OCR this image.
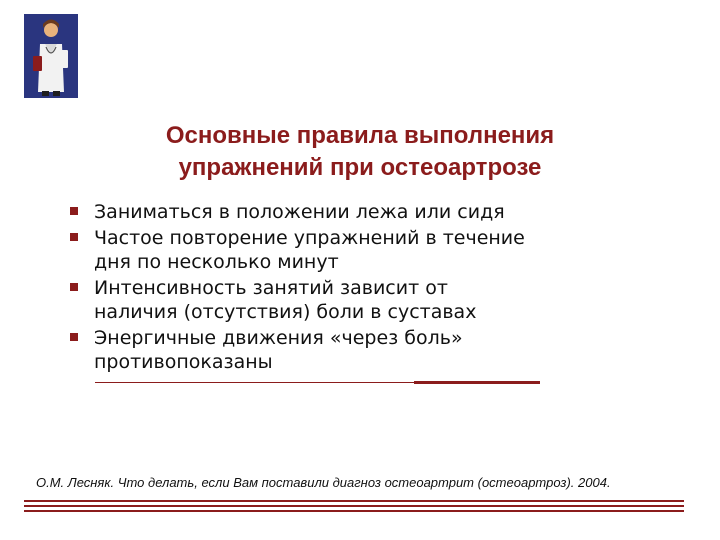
Основные правила выполнения
упражнений при остеоартрозе
Заниматься в положении лежа или сидя
Частое повторение упражнений в течение
дня по несколько минут
Интенсивность занятий зависит от
наличия (отсутствия) боли в суставах
Энергичные движения «через боль»
противопоказаны
О.М. Лесняк. Что делать, если Вам поставили диагноз остеоартрит (остеоартроз). 2004.
